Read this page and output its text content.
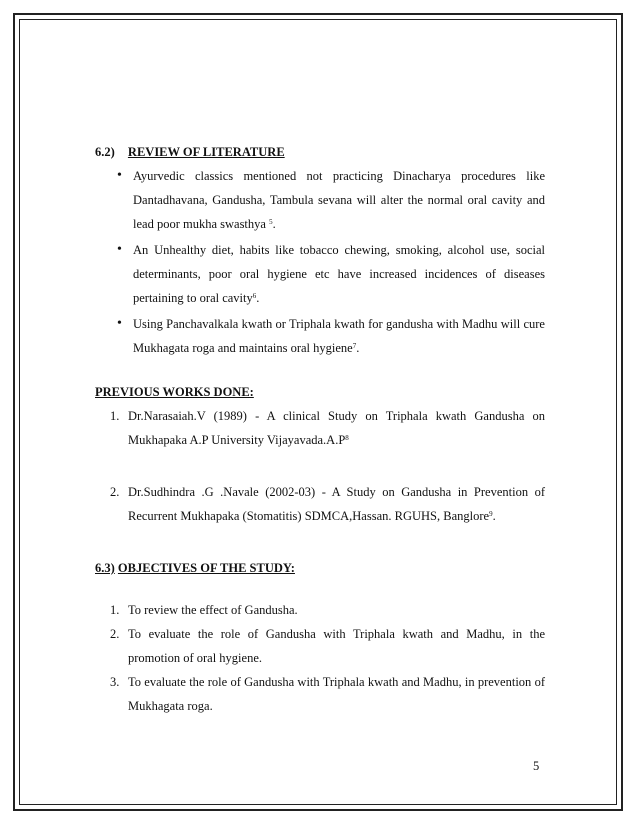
6.2) REVIEW OF LITERATURE
• Ayurvedic classics mentioned not practicing Dinacharya procedures like Dantadhavana, Gandusha, Tambula sevana will alter the normal oral cavity and lead poor mukha swasthya $^5$.
• An Unhealthy diet, habits like tobacco chewing, smoking, alcohol use, social determinants, poor oral hygiene etc have increased incidences of diseases pertaining to oral cavity$^6$.
• Using Panchavalkala kwath or Triphala kwath for gandusha with Madhu will cure Mukhagata roga and maintains oral hygiene$^7$.
PREVIOUS WORKS DONE:
1. Dr.Narasaiah.V (1989) - A clinical Study on Triphala kwath Gandusha on Mukhapaka A.P University $Vijayavada.A.P^8$
2. Dr.Sudhindra .G .Navale (2002-03) - A Study on Gandusha in Prevention of Recurrent Mukhapaka (Stomatitis) SDMCA,Hassan. RGUHS, Banglore$^9$.
6.3) OBJECTIVES OF THE STUDY:
1. To review the effect of Gandusha.
2. To evaluate the role of Gandusha with Triphala kwath and Madhu, in the promotion of oral hygiene.
3. To evaluate the role of Gandusha with Triphala kwath and Madhu, in prevention of Mukhagata roga.
5
